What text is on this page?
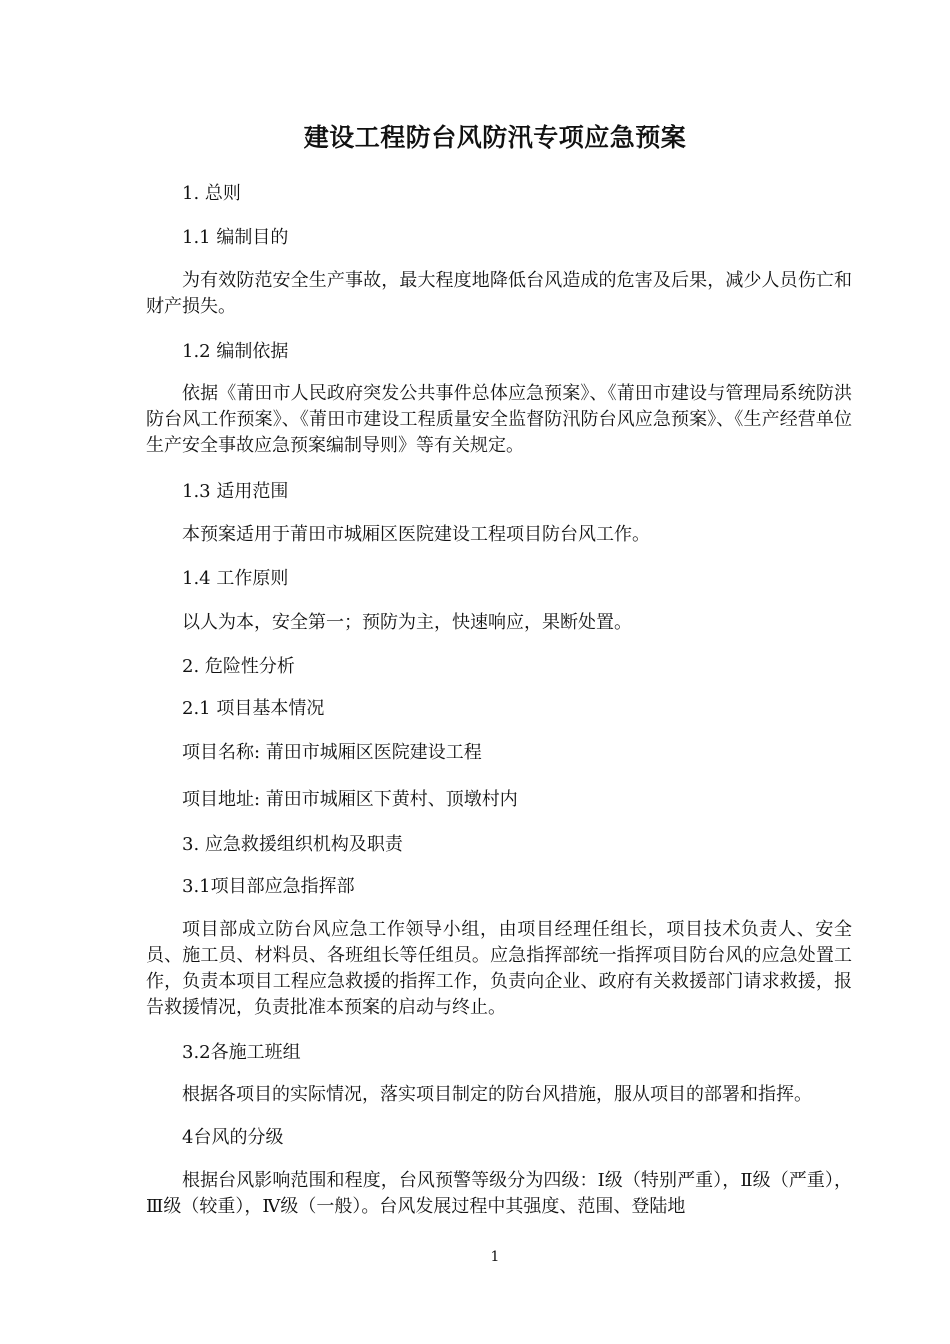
建设工程防台风防汛专项应急预案
1. 总则
1.1 编制目的
为有效防范安全生产事故，最大程度地降低台风造成的危害及后果，减少人员伤亡和财产损失。
1.2 编制依据
依据《莆田市人民政府突发公共事件总体应急预案》、《莆田市建设与管理局系统防洪防台风工作预案》、《莆田市建设工程质量安全监督防汛防台风应急预案》、《生产经营单位生产安全事故应急预案编制导则》等有关规定。
1.3 适用范围
本预案适用于莆田市城厢区医院建设工程项目防台风工作。
1.4 工作原则
以人为本，安全第一；预防为主，快速响应，果断处置。
2. 危险性分析
2.1 项目基本情况
项目名称: 莆田市城厢区医院建设工程
项目地址: 莆田市城厢区下黄村、顶墩村内
3. 应急救援组织机构及职责
3.1项目部应急指挥部
项目部成立防台风应急工作领导小组，由项目经理任组长，项目技术负责人、安全员、施工员、材料员、各班组长等任组员。应急指挥部统一指挥项目防台风的应急处置工作，负责本项目工程应急救援的指挥工作，负责向企业、政府有关救援部门请求救援，报告救援情况，负责批准本预案的启动与终止。
3.2各施工班组
根据各项目的实际情况，落实项目制定的防台风措施，服从项目的部署和指挥。
4台风的分级
根据台风影响范围和程度，台风预警等级分为四级：Ⅰ级（特别严重），Ⅱ级（严重），Ⅲ级（较重），Ⅳ级（一般）。台风发展过程中其强度、范围、登陆地
1
